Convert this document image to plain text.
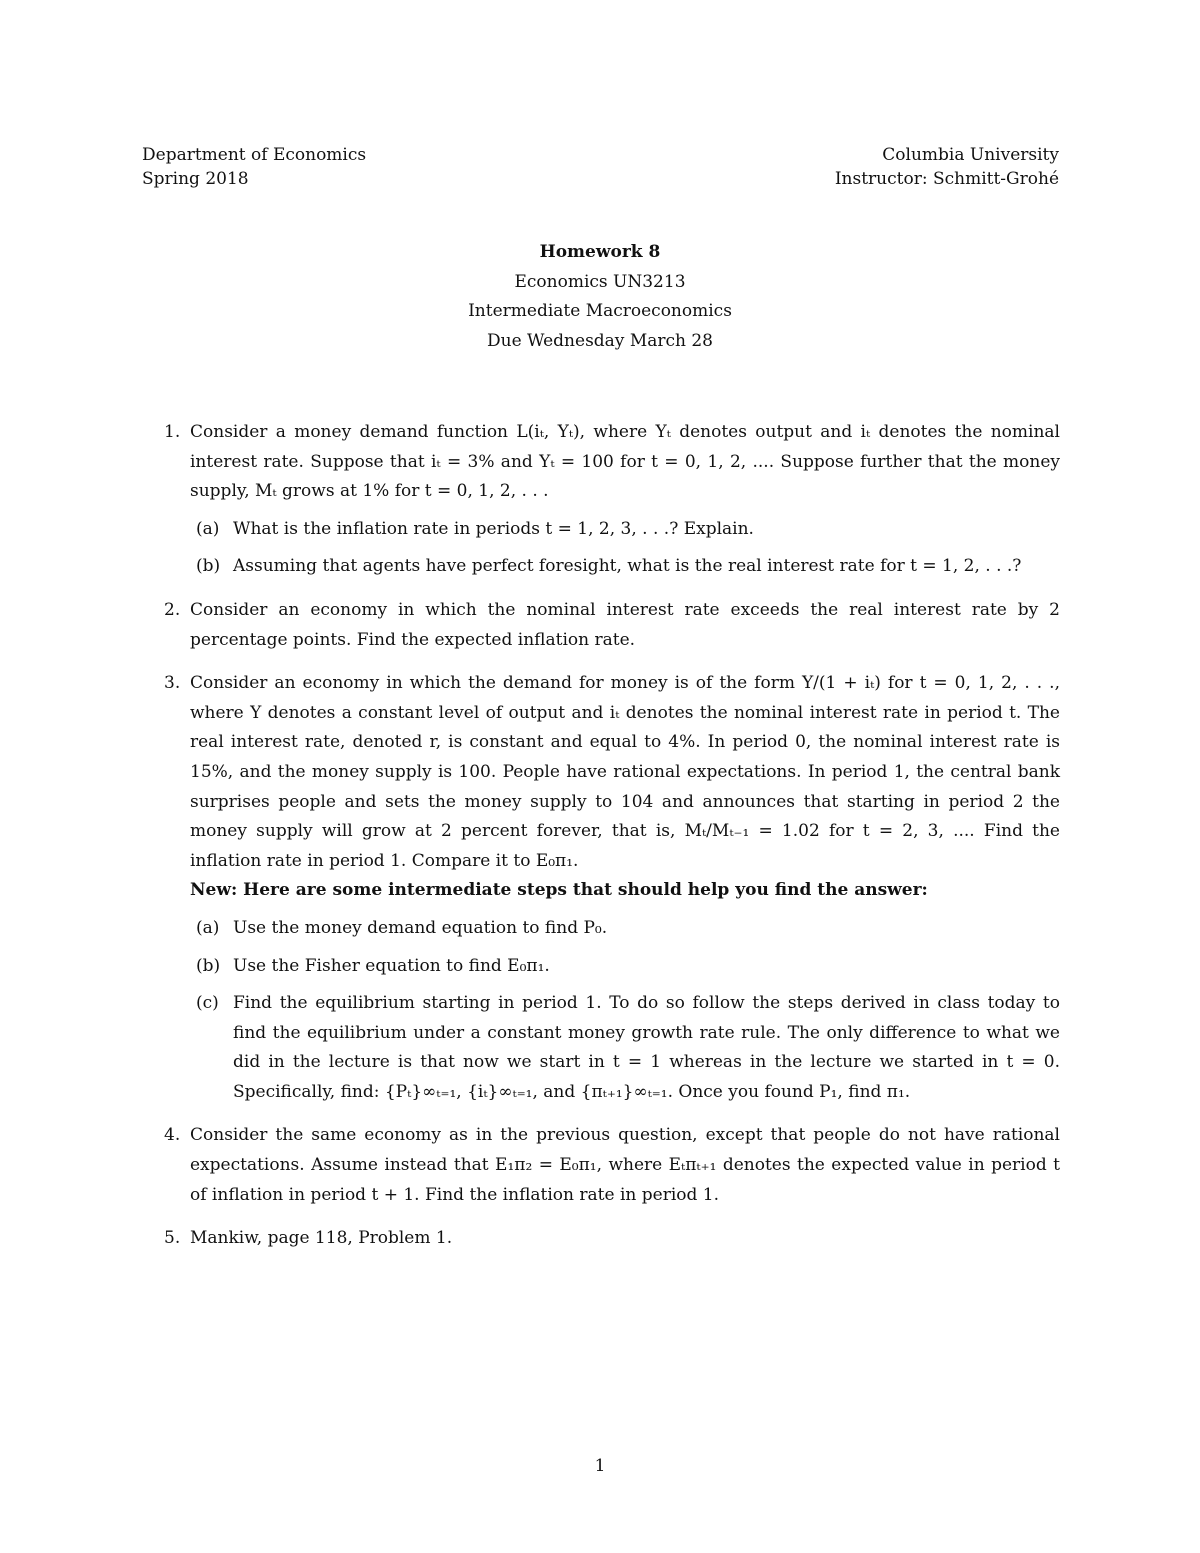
Department of Economics
Spring 2018
Columbia University
Instructor: Schmitt-Grohé
Homework 8
Economics UN3213
Intermediate Macroeconomics
Due Wednesday March 28
1. Consider a money demand function L(iₜ, Yₜ), where Yₜ denotes output and iₜ denotes the nominal interest rate. Suppose that iₜ = 3% and Yₜ = 100 for t = 0, 1, 2, .... Suppose further that the money supply, Mₜ grows at 1% for t = 0, 1, 2, . . .

(a) What is the inflation rate in periods t = 1, 2, 3, . . .? Explain.
(b) Assuming that agents have perfect foresight, what is the real interest rate for t = 1, 2, . . .?
2. Consider an economy in which the nominal interest rate exceeds the real interest rate by 2 percentage points. Find the expected inflation rate.

3. Consider an economy in which the demand for money is of the form Y/(1 + iₜ) for t = 0, 1, 2, . . ., where Y denotes a constant level of output and iₜ denotes the nominal interest rate in period t. The real interest rate, denoted r, is constant and equal to 4%. In period 0, the nominal interest rate is 15%, and the money supply is 100. People have rational expectations. In period 1, the central bank surprises people and sets the money supply to 104 and announces that starting in period 2 the money supply will grow at 2 percent forever, that is, Mₜ/Mₜ₋₁ = 1.02 for t = 2, 3, .... Find the inflation rate in period 1. Compare it to E₀π₁.

New: Here are some intermediate steps that should help you find the answer:

(a) Use the money demand equation to find P₀.
(b) Use the Fisher equation to find E₀π₁.
(c) Find the equilibrium starting in period 1. To do so follow the steps derived in class today to find the equilibrium under a constant money growth rate rule. The only difference to what we did in the lecture is that now we start in t = 1 whereas in the lecture we started in t = 0. Specifically, find: {Pₜ}∞ₜ₌₁, {iₜ}∞ₜ₌₁, and {πₜ₊₁}∞ₜ₌₁. Once you found P₁, find π₁.
4. Consider the same economy as in the previous question, except that people do not have rational expectations. Assume instead that E₁π₂ = E₀π₁, where Eₜπₜ₊₁ denotes the expected value in period t of inflation in period t + 1. Find the inflation rate in period 1.

5. Mankiw, page 118, Problem 1.

1
